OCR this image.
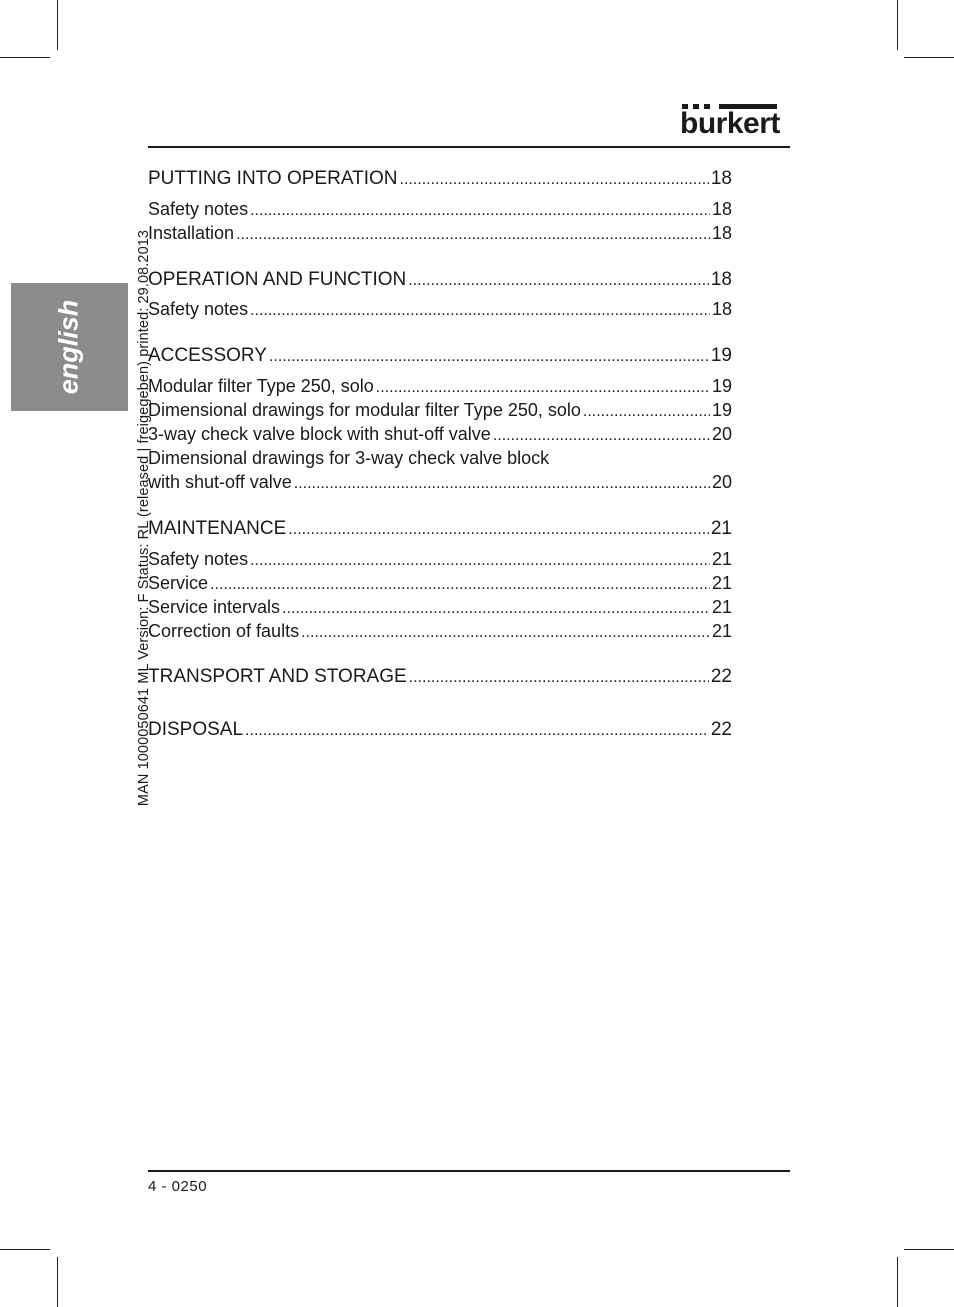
burkert
english	MAN 1000050641 ML Version: F Status: RL (released | freigegeben) printed: 29.08.2013
PUTTING INTO OPERATION .....	18
Safety notes .....	18
Installation .....	18
OPERATION AND FUNCTION .....	18
Safety notes .....	18
ACCESSORY .....	19
Modular filter Type 250, solo .....	19
Dimensional drawings for modular filter Type 250, solo .....	19
3-way check valve block with shut-off valve .....	20
Dimensional drawings for 3-way check valve block
with shut-off valve .....	20
MAINTENANCE .....	21
Safety notes .....	21
Service .....	21
Service intervals .....	21
Correction of faults .....	21
TRANSPORT AND STORAGE .....	22
DISPOSAL .....	22
4 - 0250
